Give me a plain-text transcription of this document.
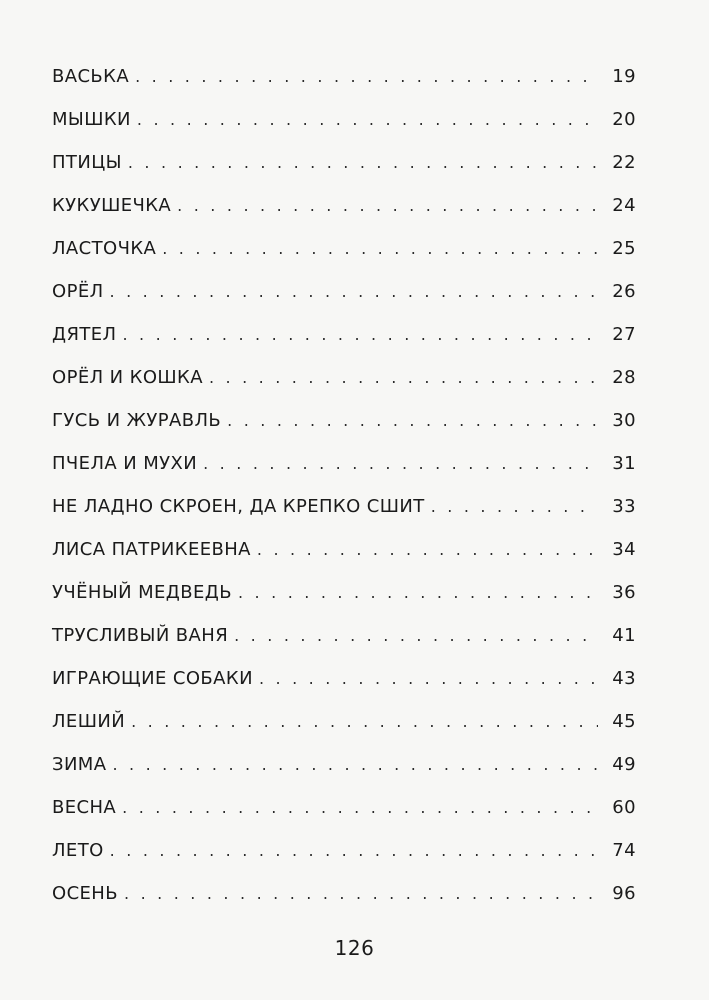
ВАСЬКА . . .	19
МЫШКИ . . .	20
ПТИЦЫ . . .	22
КУКУШЕЧКА . . .	24
ЛАСТОЧКА . . .	25
ОРЁЛ . . .	26
ДЯТЕЛ . . .	27
ОРЁЛ И КОШКА . . .	28
ГУСЬ И ЖУРАВЛЬ . . .	30
ПЧЕЛА И МУХИ . . .	31
НЕ ЛАДНО СКРОЕН, ДА КРЕПКО СШИТ . . .	33
ЛИСА ПАТРИКЕЕВНА . . .	34
УЧЁНЫЙ МЕДВЕДЬ . . .	36
ТРУСЛИВЫЙ ВАНЯ . . .	41
ИГРАЮЩИЕ СОБАКИ . . .	43
ЛЕШИЙ . . .	45
ЗИМА . . .	49
ВЕСНА . . .	60
ЛЕТО . . .	74
ОСЕНЬ . . .	96
126
